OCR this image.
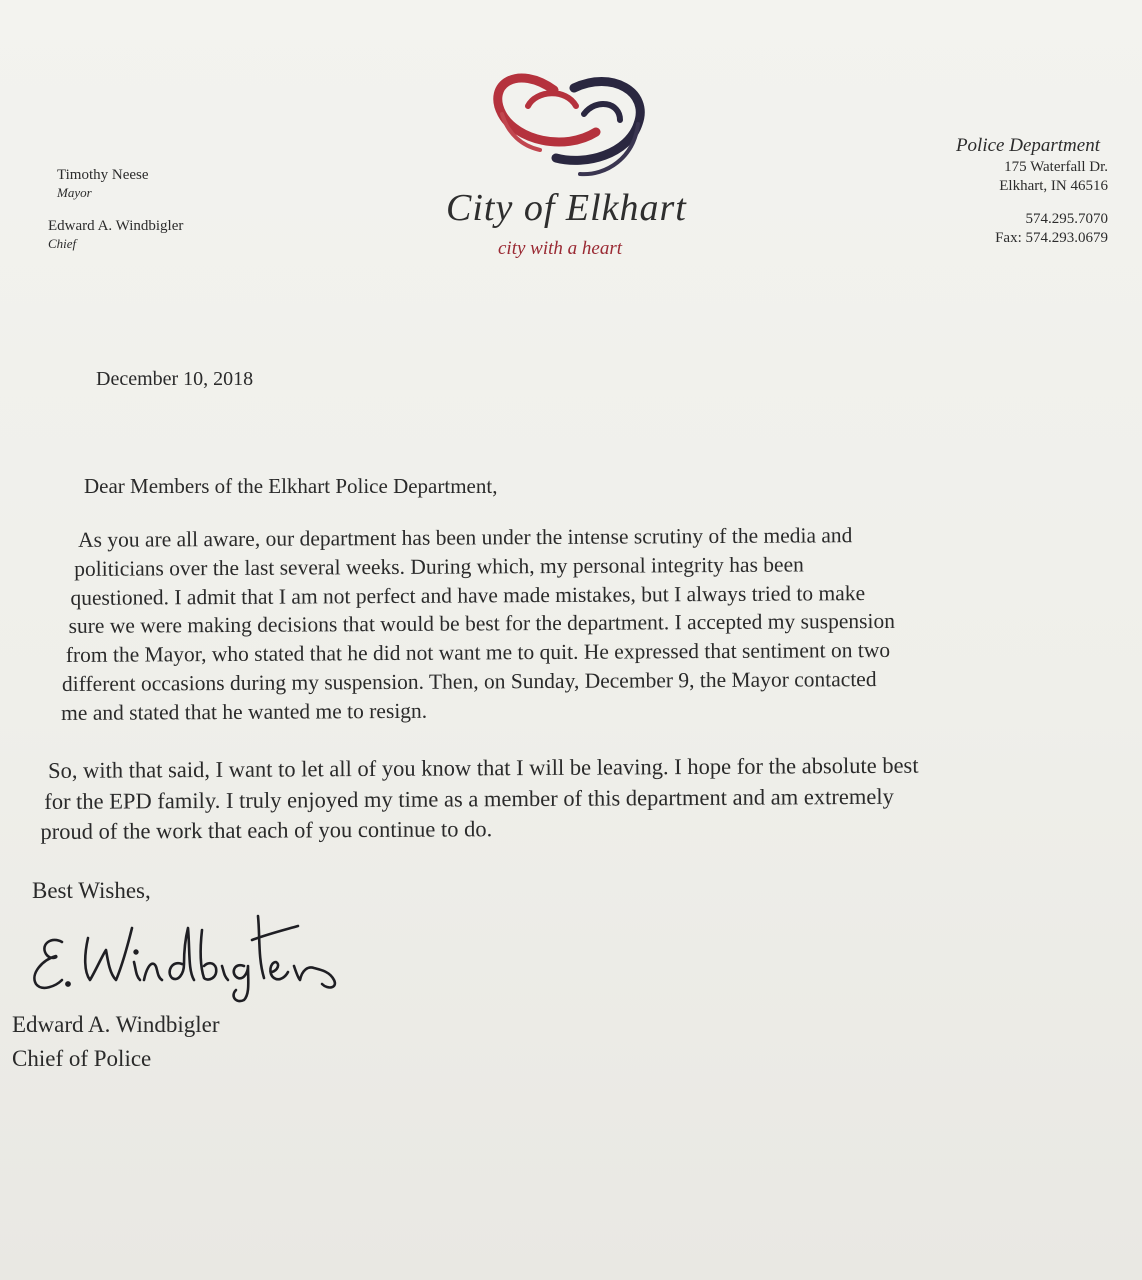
Timothy Neese
Mayor
Edward A. Windbigler
Chief
City of Elkhart
city with a heart
Police Department
175 Waterfall Dr.
Elkhart, IN 46516
574.295.7070
Fax: 574.293.0679
December 10, 2018
Dear Members of the Elkhart Police Department,

As you are all aware, our department has been under the intense scrutiny of the media and
politicians over the last several weeks. During which, my personal integrity has been
questioned. I admit that I am not perfect and have made mistakes, but I always tried to make
sure we were making decisions that would be best for the department. I accepted my suspension
from the Mayor, who stated that he did not want me to quit. He expressed that sentiment on two
different occasions during my suspension. Then, on Sunday, December 9, the Mayor contacted
me and stated that he wanted me to resign.

So, with that said, I want to let all of you know that I will be leaving. I hope for the absolute best
for the EPD family. I truly enjoyed my time as a member of this department and am extremely
proud of the work that each of you continue to do.

Best Wishes,
Edward A. Windbigler
Chief of Police
